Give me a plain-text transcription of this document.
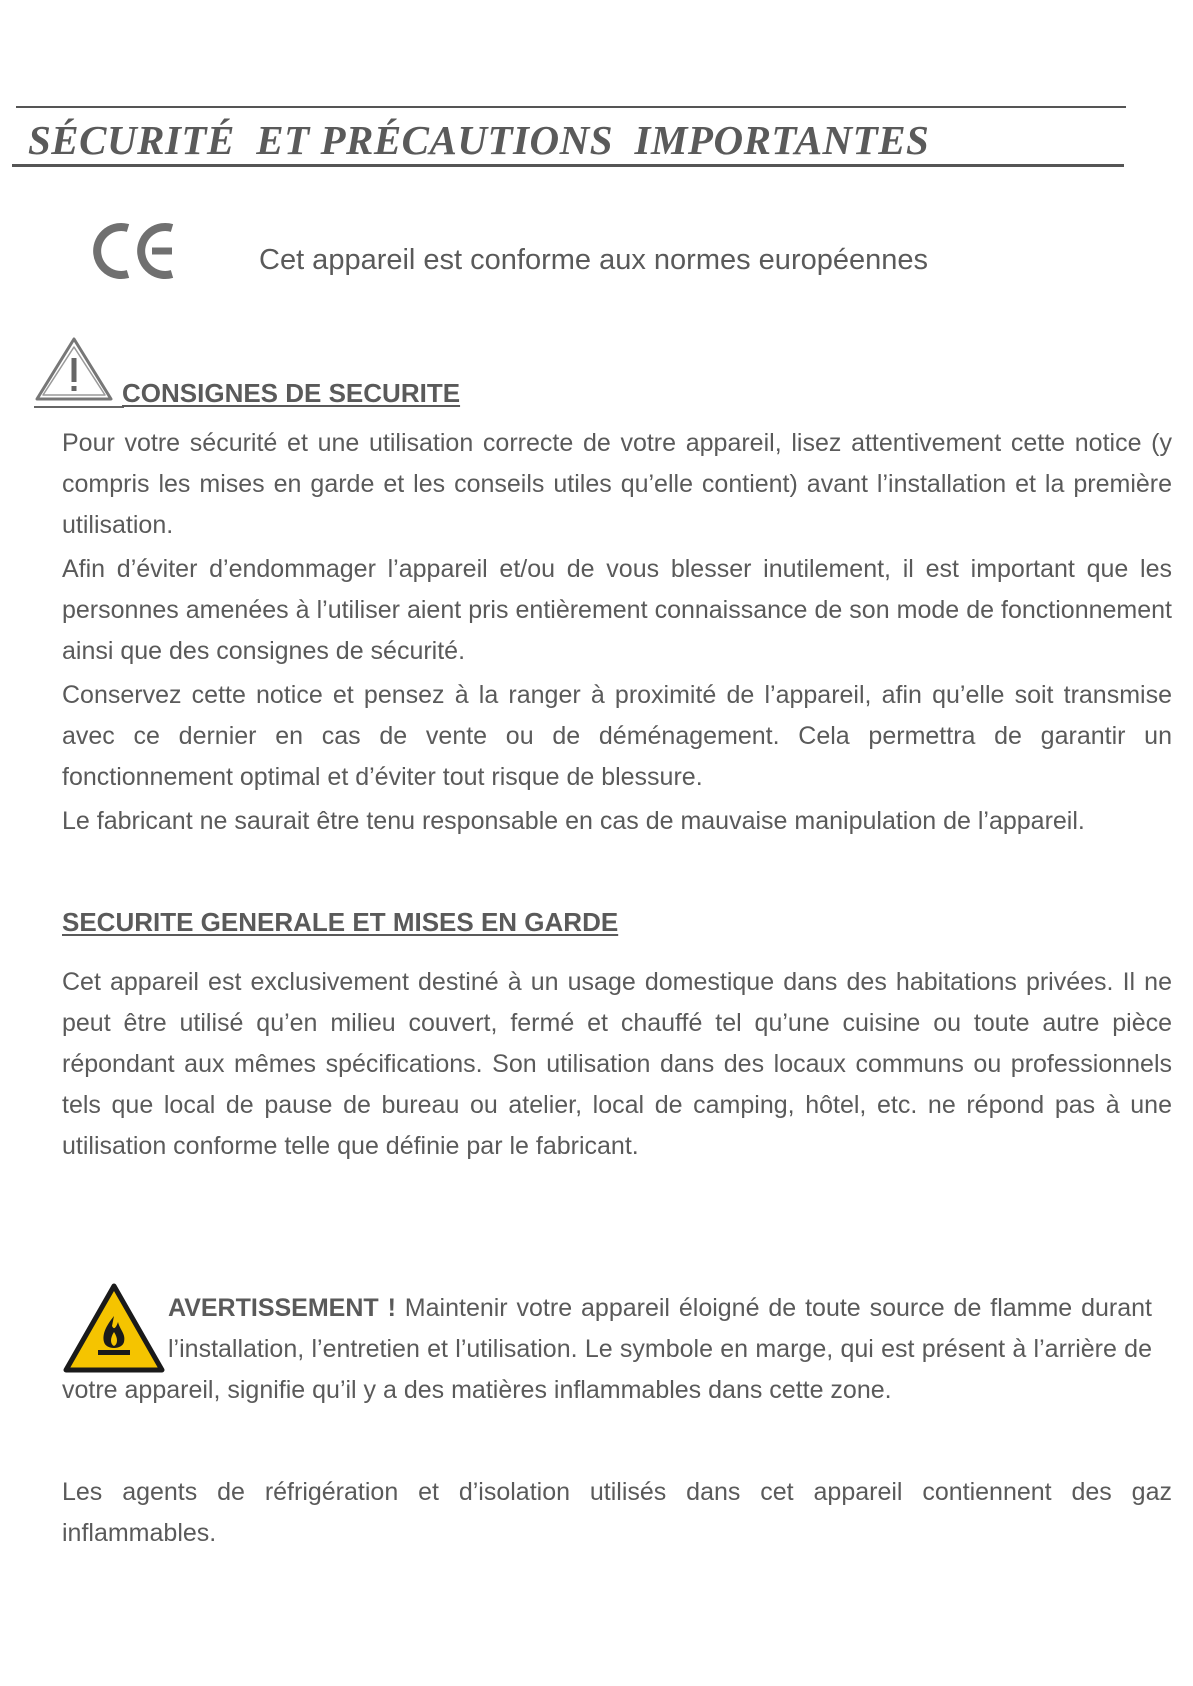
SÉCURITÉ  ET PRÉCAUTIONS  IMPORTANTES
Cet appareil est conforme aux normes européennes
CONSIGNES DE SECURITE

Pour votre sécurité et une utilisation correcte de votre appareil, lisez attentivement cette notice (y compris les mises en garde et les conseils utiles qu’elle contient) avant l’installation et la première utilisation.

Afin d’éviter d’endommager l’appareil et/ou de vous blesser inutilement, il est important que les personnes amenées à l’utiliser aient pris entièrement connaissance de son mode de fonctionnement ainsi que des consignes de sécurité.

Conservez cette notice et pensez à la ranger à proximité de l’appareil, afin qu’elle soit transmise avec ce dernier en cas de vente ou de déménagement. Cela permettra de garantir un fonctionnement optimal et d’éviter tout risque de blessure.

Le fabricant ne saurait être tenu responsable en cas de mauvaise manipulation de l’appareil.

SECURITE GENERALE ET MISES EN GARDE

Cet appareil est exclusivement destiné à un usage domestique dans des habitations privées. Il ne peut être utilisé qu’en milieu couvert, fermé et chauffé tel qu’une cuisine ou toute autre pièce répondant aux mêmes spécifications. Son utilisation dans des locaux communs ou professionnels tels que local de pause de bureau ou atelier, local de camping, hôtel, etc. ne répond pas à une utilisation conforme telle que définie par le fabricant.

AVERTISSEMENT ! Maintenir votre appareil éloigné de toute source de flamme durant l’installation, l’entretien et l’utilisation. Le symbole en marge, qui est présent à l’arrière de votre appareil, signifie qu’il y a des matières inflammables dans cette zone.

Les agents de réfrigération et d’isolation utilisés dans cet appareil contiennent des gaz inflammables.
